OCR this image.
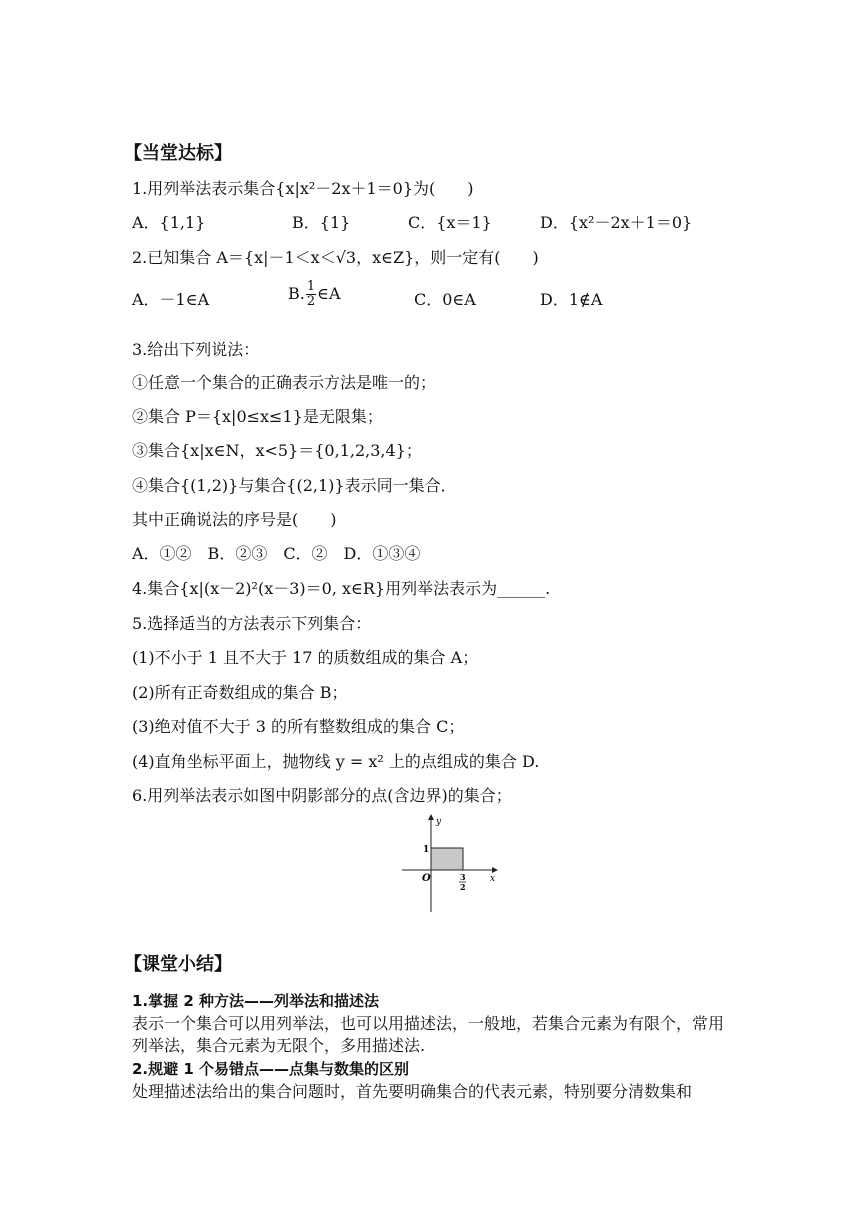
【当堂达标】
1.用列举法表示集合{x|x²－2x＋1＝0}为(　　)
A．{1,1}	B．{1}	C．{x＝1}	D．{x²－2x＋1＝0}
2.已知集合 A＝{x|－1＜x＜√3，x∈Z}，则一定有(　　)
A．－1∈A	B. $\frac{1}{2}$ ∈A	C．0∈A	D．1∉A
3.给出下列说法：
①任意一个集合的正确表示方法是唯一的；
②集合 P＝{x|0≤x≤1}是无限集；
③集合{x|x∈N，x<5}＝{0,1,2,3,4}；
④集合{(1,2)}与集合{(2,1)}表示同一集合．
其中正确说法的序号是(　　)
A．①②　B．②③　C．②　D．①③④
4.集合{x|(x－2)²(x－3)＝0, x∈R}用列举法表示为______.
5.选择适当的方法表示下列集合：
(1)不小于 1 且不大于 17 的质数组成的集合 A；
(2)所有正奇数组成的集合 B；
(3)绝对值不大于 3 的所有整数组成的集合 C；
(4)直角坐标平面上，抛物线 y = x² 上的点组成的集合 D.
6.用列举法表示如图中阴影部分的点(含边界)的集合；
y
x
O
1
3
2
【课堂小结】
1.掌握 2 种方法——列举法和描述法
表示一个集合可以用列举法，也可以用描述法，一般地，若集合元素为有限个，常用列举法，集合元素为无限个，多用描述法.
2.规避 1 个易错点——点集与数集的区别
处理描述法给出的集合问题时，首先要明确集合的代表元素，特别要分清数集和
